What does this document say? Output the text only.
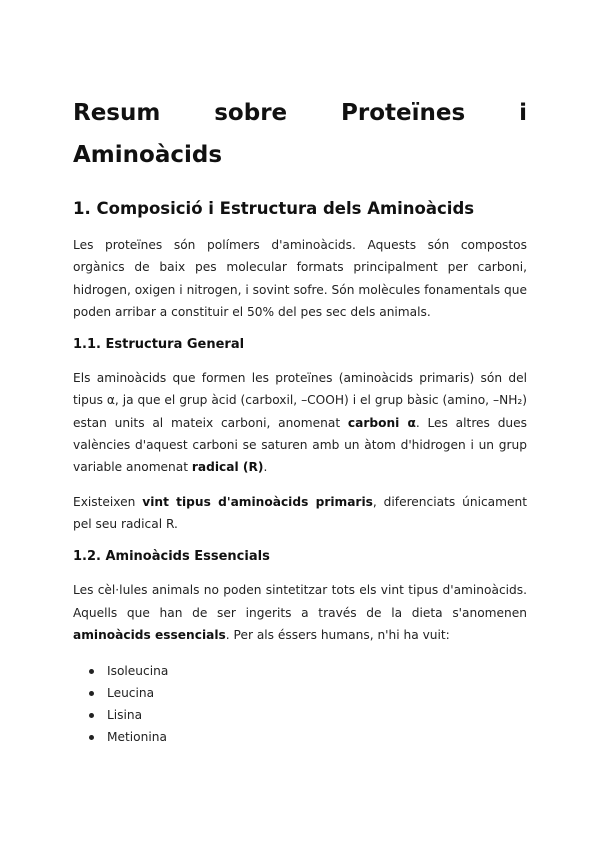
Resum sobre Proteïnes i
Aminoàcids
1. Composició i Estructura dels Aminoàcids

Les proteïnes són polímers d'aminoàcids. Aquests són compostos orgànics de baix pes molecular formats principalment per carboni, hidrogen, oxigen i nitrogen, i sovint sofre. Són molècules fonamentals que poden arribar a constituir el 50% del pes sec dels animals.

1.1. Estructura General

Els aminoàcids que formen les proteïnes (aminoàcids primaris) són del tipus α, ja que el grup àcid (carboxil, –COOH) i el grup bàsic (amino, –NH₂) estan units al mateix carboni, anomenat carboni α. Les altres dues valències d'aquest carboni se saturen amb un àtom d'hidrogen i un grup variable anomenat radical (R).

Existeixen vint tipus d'aminoàcids primaris, diferenciats únicament pel seu radical R.

1.2. Aminoàcids Essencials

Les cèl·lules animals no poden sintetitzar tots els vint tipus d'aminoàcids. Aquells que han de ser ingerits a través de la dieta s'anomenen aminoàcids essencials. Per als éssers humans, n'hi ha vuit:

Isoleucina
Leucina
Lisina
Metionina
